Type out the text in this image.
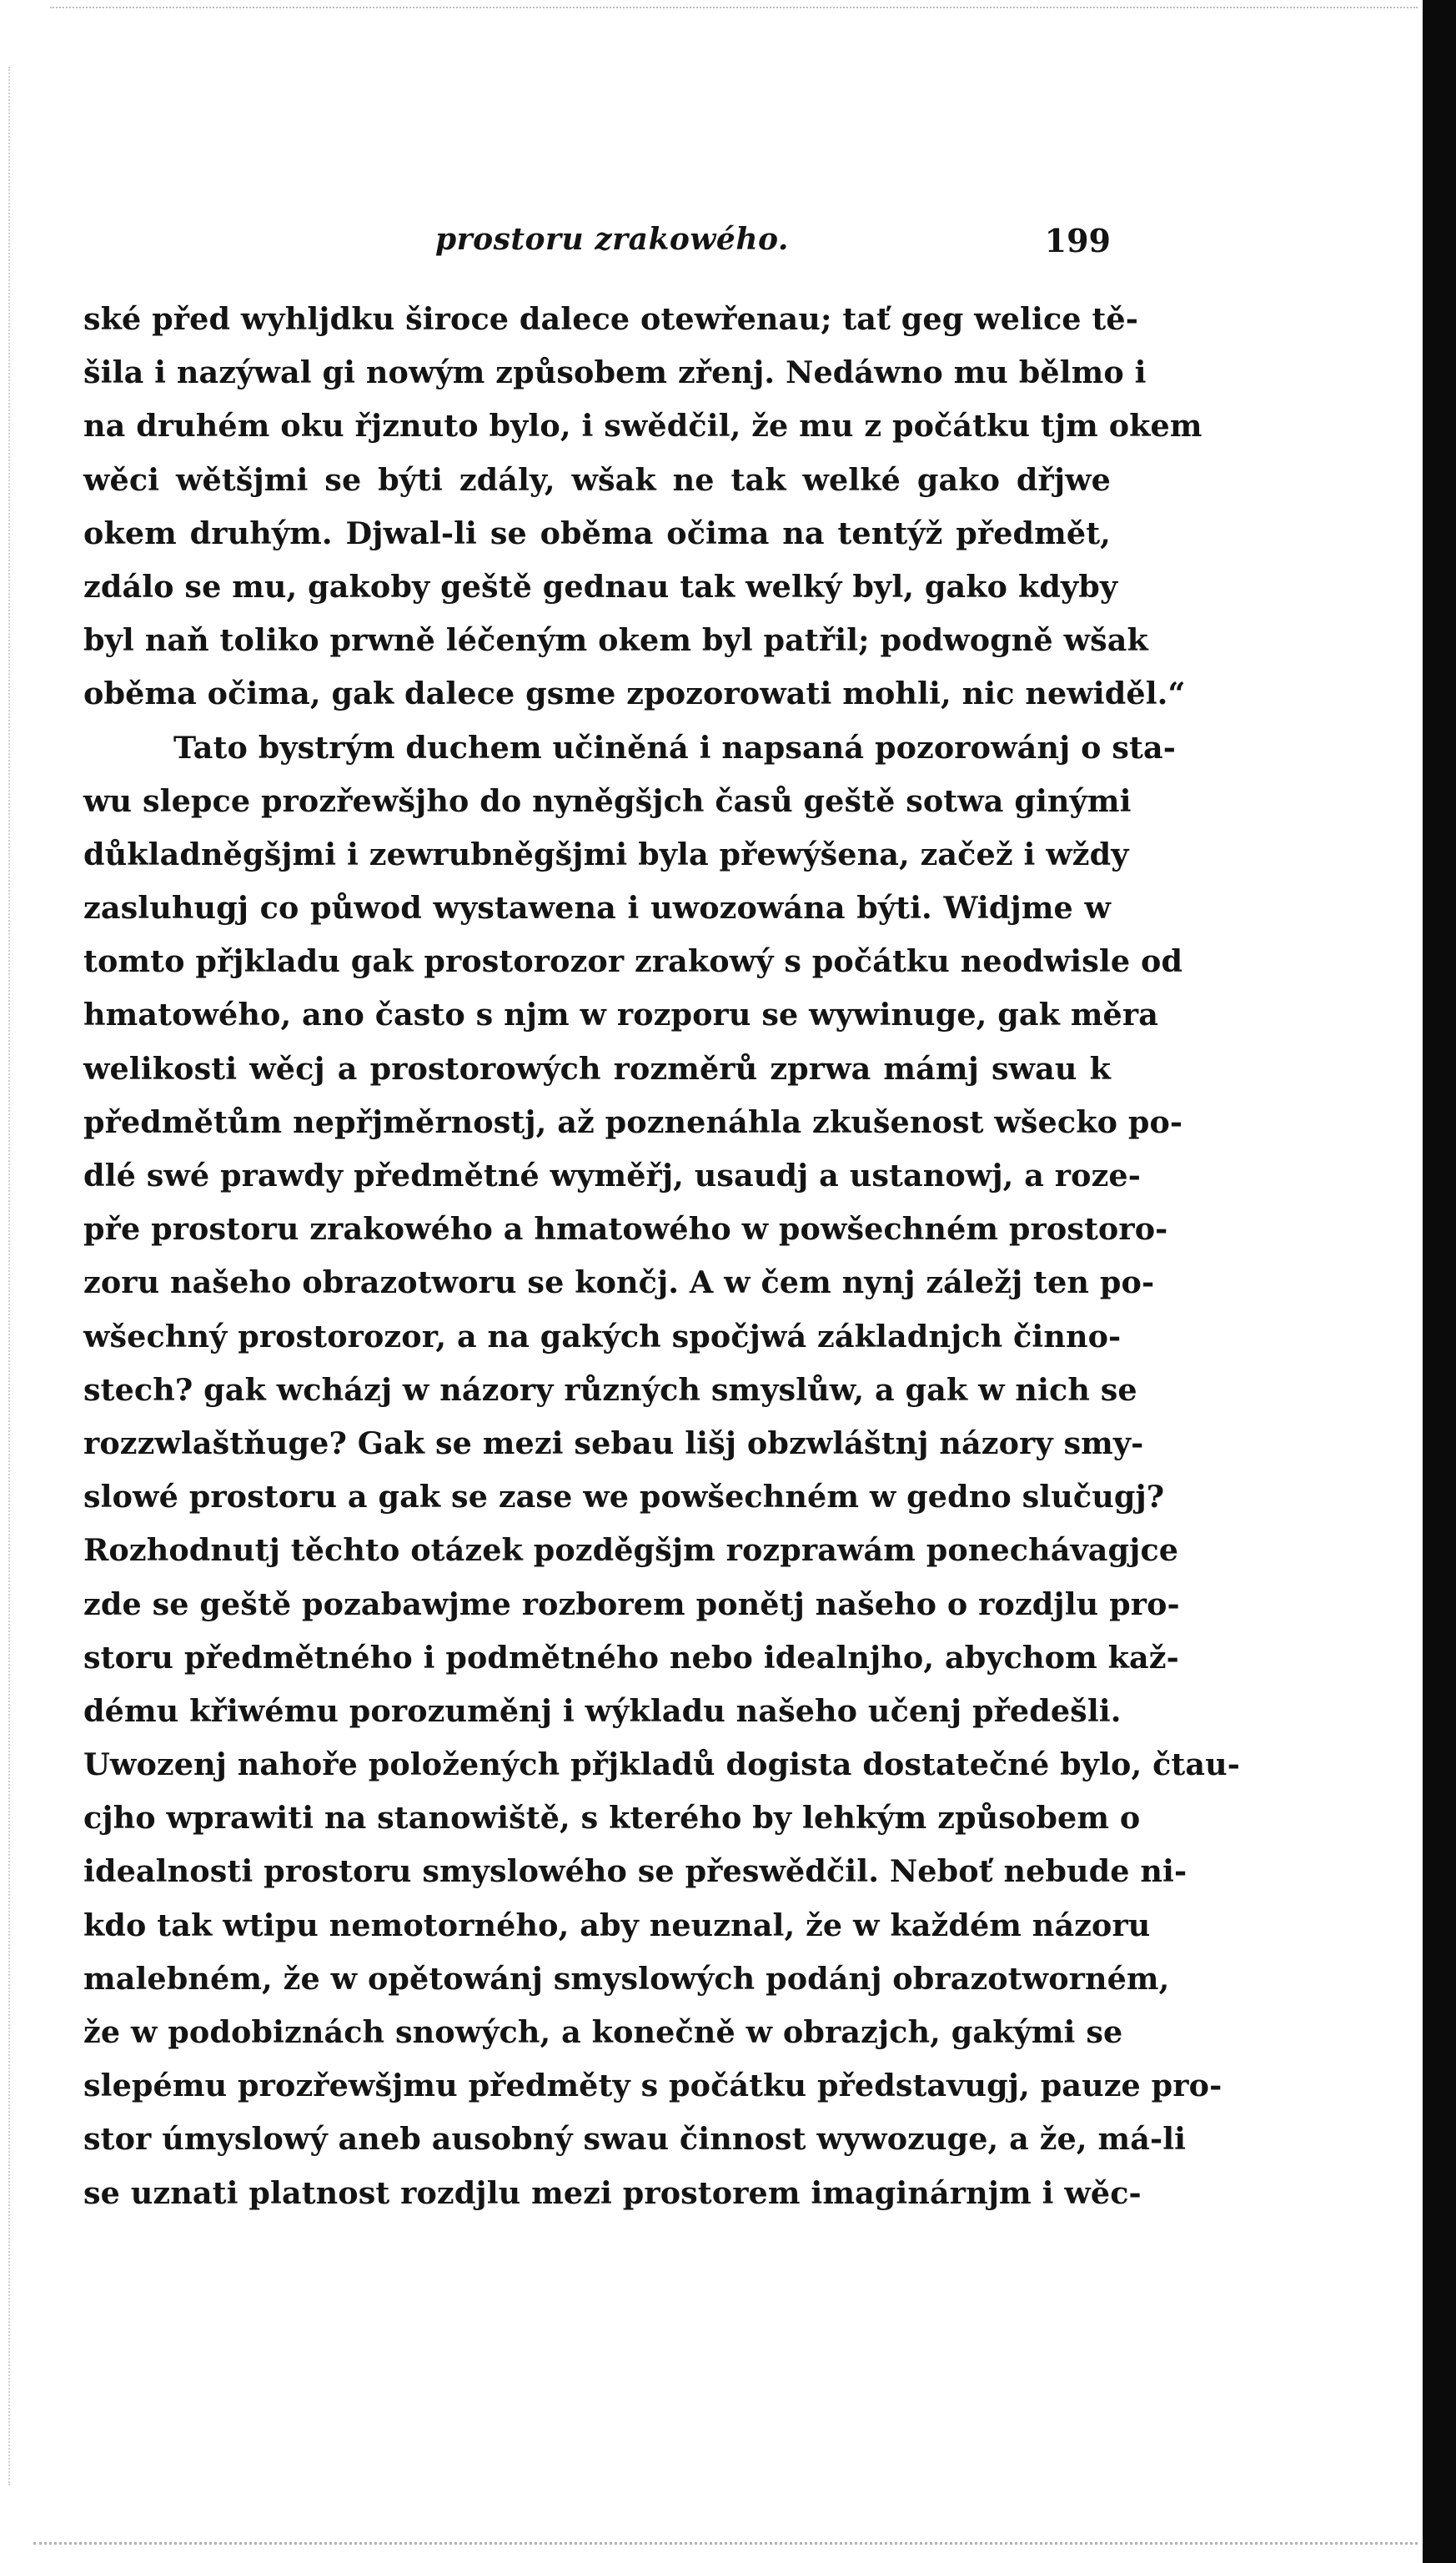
prostoru zrakowého.	199
ské před wyhljdku široce dalece otewřenau; tať geg welice tě-
šila i nazýwal gi nowým způsobem zřenj. Nedáwno mu bělmo i
na druhém oku řjznuto bylo, i swědčil, že mu z počátku tjm okem
wěci wětšjmi se býti zdály, wšak ne tak welké gako dřjwe
okem druhým. Djwal-li se oběma očima na tentýž předmět,
zdálo se mu, gakoby geště gednau tak welký byl, gako kdyby
byl naň toliko prwně léčeným okem byl patřil; podwogně wšak
oběma očima, gak dalece gsme zpozorowati mohli, nic newiděl.“
Tato bystrým duchem učiněná i napsaná pozorowánj o sta-
wu slepce prozřewšjho do nyněgšjch časů geště sotwa ginými
důkladněgšjmi i zewrubněgšjmi byla přewýšena, začež i wždy
zasluhugj co půwod wystawena i uwozowána býti. Widjme w
tomto přjkladu gak prostorozor zrakowý s počátku neodwisle od
hmatowého, ano často s njm w rozporu se wywinuge, gak měra
welikosti wěcj a prostorowých rozměrů zprwa mámj swau k
předmětům nepřjměrnostj, až poznenáhla zkušenost wšecko po-
dlé swé prawdy předmětné wyměřj, usaudj a ustanowj, a roze-
pře prostoru zrakowého a hmatowého w powšechném prostoro-
zoru našeho obrazotworu se končj. A w čem nynj záležj ten po-
wšechný prostorozor, a na gakých spočjwá základnjch činno-
stech? gak wcházj w názory různých smyslůw, a gak w nich se
rozzwlaštňuge? Gak se mezi sebau lišj obzwláštnj názory smy-
slowé prostoru a gak se zase we powšechném w gedno slučugj?
Rozhodnutj těchto otázek pozděgšjm rozprawám ponechávagjce
zde se geště pozabawjme rozborem ponětj našeho o rozdjlu pro-
storu předmětného i podmětného nebo idealnjho, abychom kaž-
dému křiwému porozuměnj i wýkladu našeho učenj předešli.
Uwozenj nahoře položených přjkladů dogista dostatečné bylo, čtau-
cjho wprawiti na stanowiště, s kterého by lehkým způsobem o
idealnosti prostoru smyslowého se přeswědčil. Neboť nebude ni-
kdo tak wtipu nemotorného, aby neuznal, že w každém názoru
malebném, že w opětowánj smyslowých podánj obrazotworném,
že w podobiznách snowých, a konečně w obrazjch, gakými se
slepému prozřewšjmu předměty s počátku představugj, pauze pro-
stor úmyslowý aneb ausobný swau činnost wywozuge, a že, má-li
se uznati platnost rozdjlu mezi prostorem imaginárnjm i wěc-
